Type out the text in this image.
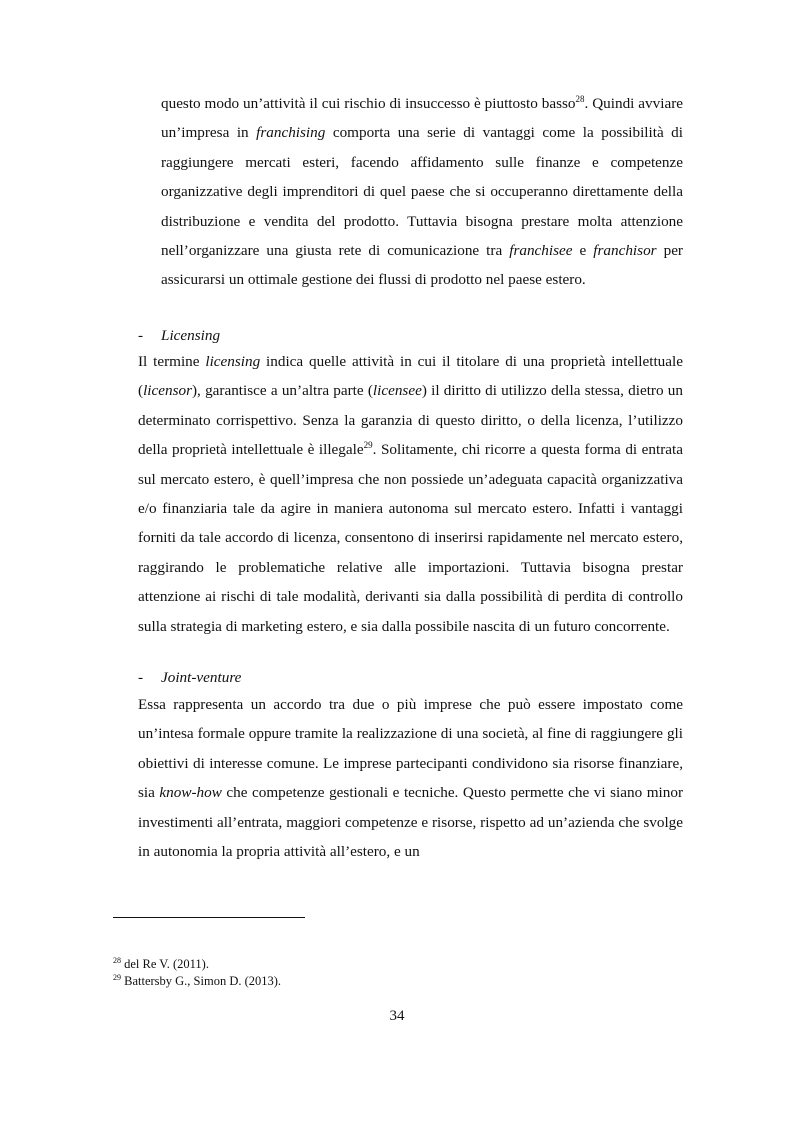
questo modo un’attività il cui rischio di insuccesso è piuttosto basso$^{28}$. Quindi avviare un’impresa in franchising comporta una serie di vantaggi come la possibilità di raggiungere mercati esteri, facendo affidamento sulle finanze e competenze organizzative degli imprenditori di quel paese che si occuperanno direttamente della distribuzione e vendita del prodotto. Tuttavia bisogna prestare molta attenzione nell’organizzare una giusta rete di comunicazione tra franchisee e franchisor per assicurarsi un ottimale gestione dei flussi di prodotto nel paese estero.
- Licensing
Il termine licensing indica quelle attività in cui il titolare di una proprietà intellettuale (licensor), garantisce a un’altra parte (licensee) il diritto di utilizzo della stessa, dietro un determinato corrispettivo. Senza la garanzia di questo diritto, o della licenza, l’utilizzo della proprietà intellettuale è illegale$^{29}$. Solitamente, chi ricorre a questa forma di entrata sul mercato estero, è quell’impresa che non possiede un’adeguata capacità organizzativa e/o finanziaria tale da agire in maniera autonoma sul mercato estero. Infatti i vantaggi forniti da tale accordo di licenza, consentono di inserirsi rapidamente nel mercato estero, raggirando le problematiche relative alle importazioni. Tuttavia bisogna prestar attenzione ai rischi di tale modalità, derivanti sia dalla possibilità di perdita di controllo sulla strategia di marketing estero, e sia dalla possibile nascita di un futuro concorrente.
- Joint-venture
Essa rappresenta un accordo tra due o più imprese che può essere impostato come un’intesa formale oppure tramite la realizzazione di una società, al fine di raggiungere gli obiettivi di interesse comune. Le imprese partecipanti condividono sia risorse finanziare, sia know-how che competenze gestionali e tecniche. Questo permette che vi siano minor investimenti all’entrata, maggiori competenze e risorse, rispetto ad un’azienda che svolge in autonomia la propria attività all’estero, e un
$^{28}$ del Re V. (2011).
$^{29}$ Battersby G., Simon D. (2013).
34
